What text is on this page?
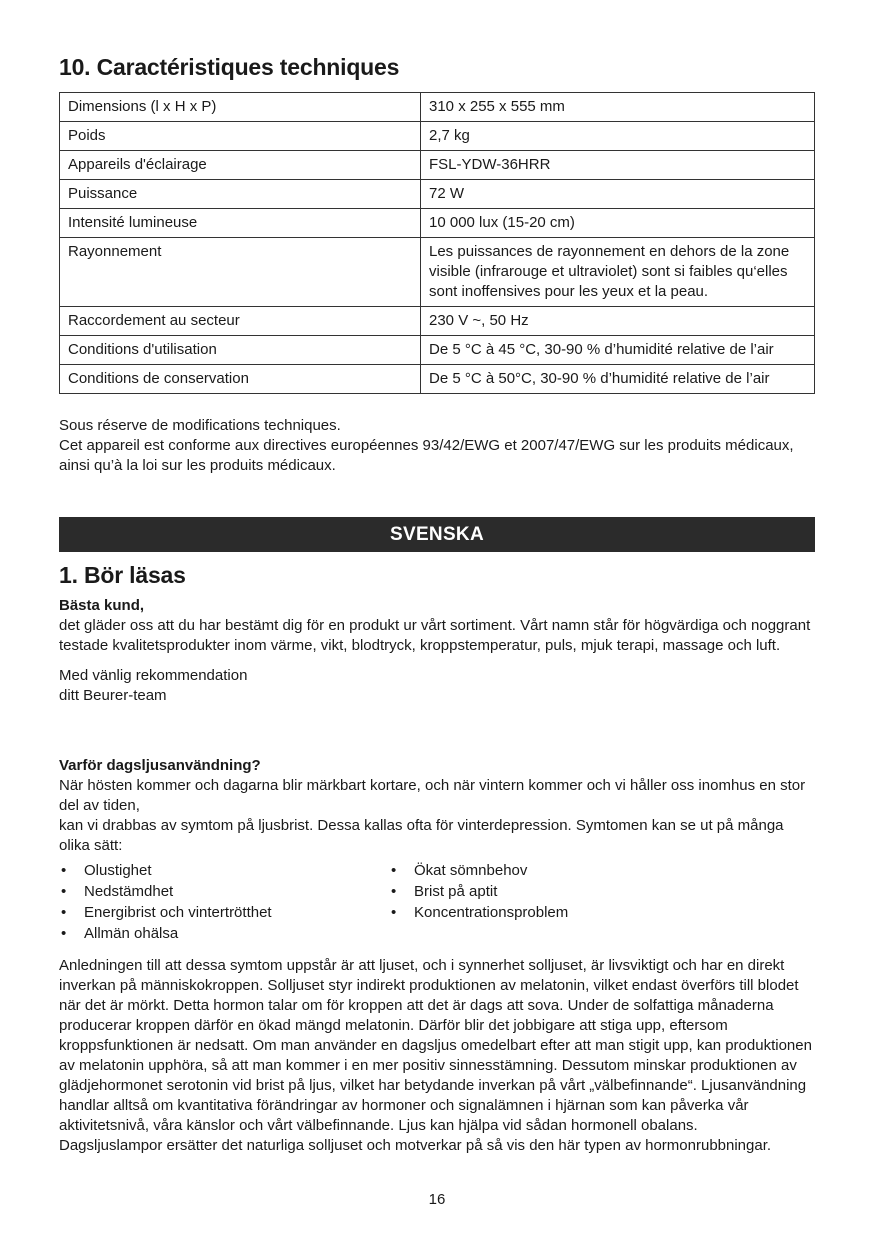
10. Caractéristiques techniques
Dimensions (l x H x P)	310 x 255 x 555 mm
Poids	2,7 kg
Appareils d'éclairage	FSL-YDW-36HRR
Puissance	72 W
Intensité lumineuse	10 000 lux (15-20 cm)
Rayonnement	Les puissances de rayonnement en dehors de la zone visible (infrarouge et ultraviolet) sont si faibles qu‘elles sont inoffensives pour les yeux et la peau.
Raccordement au secteur	230 V ~, 50 Hz
Conditions d'utilisation	De 5 °C à 45 °C, 30-90 % d’humidité relative de l’air
Conditions de conservation	De 5 °C à 50°C, 30-90 % d’humidité relative de l’air

Sous réserve de modifications techniques.

Cet appareil est conforme aux directives européennes 93/42/EWG et 2007/47/EWG sur les produits médicaux, ainsi qu’à la loi sur les produits médicaux.

SVENSKA
1. Bör läsas

Bästa kund,

det gläder oss att du har bestämt dig för en produkt ur vårt sortiment. Vårt namn står för högvärdiga och noggrant testade kvalitetsprodukter inom värme, vikt, blodtryck, kroppstemperatur, puls, mjuk terapi, massage och luft.

Med vänlig rekommendation

ditt Beurer-team

Varför dagsljusanvändning?

När hösten kommer och dagarna blir märkbart kortare, och när vintern kommer och vi håller oss inomhus en stor del av tiden,

kan vi drabbas av symtom på ljusbrist. Dessa kallas ofta för vinterdepression. Symtomen kan se ut på många olika sätt:

• Olustighet
• Nedstämdhet
• Energibrist och vintertrötthet
• Allmän ohälsa
• Ökat sömnbehov
• Brist på aptit
• Koncentrationsproblem

Anledningen till att dessa symtom uppstår är att ljuset, och i synnerhet solljuset, är livsviktigt och har en direkt inverkan på människokroppen. Solljuset styr indirekt produktionen av melatonin, vilket endast överförs till blodet när det är mörkt. Detta hormon talar om för kroppen att det är dags att sova. Under de solfattiga månaderna producerar kroppen därför en ökad mängd melatonin. Därför blir det jobbigare att stiga upp, eftersom kroppsfunktionen är nedsatt. Om man använder en dagsljus omedelbart efter att man stigit upp, kan produktionen av melatonin upphöra, så att man kommer i en mer positiv sinnesstämning. Dessutom minskar produktionen av glädjehormonet serotonin vid brist på ljus, vilket har betydande inverkan på vårt „välbefinnande“. Ljusanvändning handlar alltså om kvantitativa förändringar av hormoner och signalämnen i hjärnan som kan påverka vår aktivitetsnivå, våra känslor och vårt välbefinnande. Ljus kan hjälpa vid sådan hormonell obalans.

Dagsljuslampor ersätter det naturliga solljuset och motverkar på så vis den här typen av hormonrubbningar.

16
